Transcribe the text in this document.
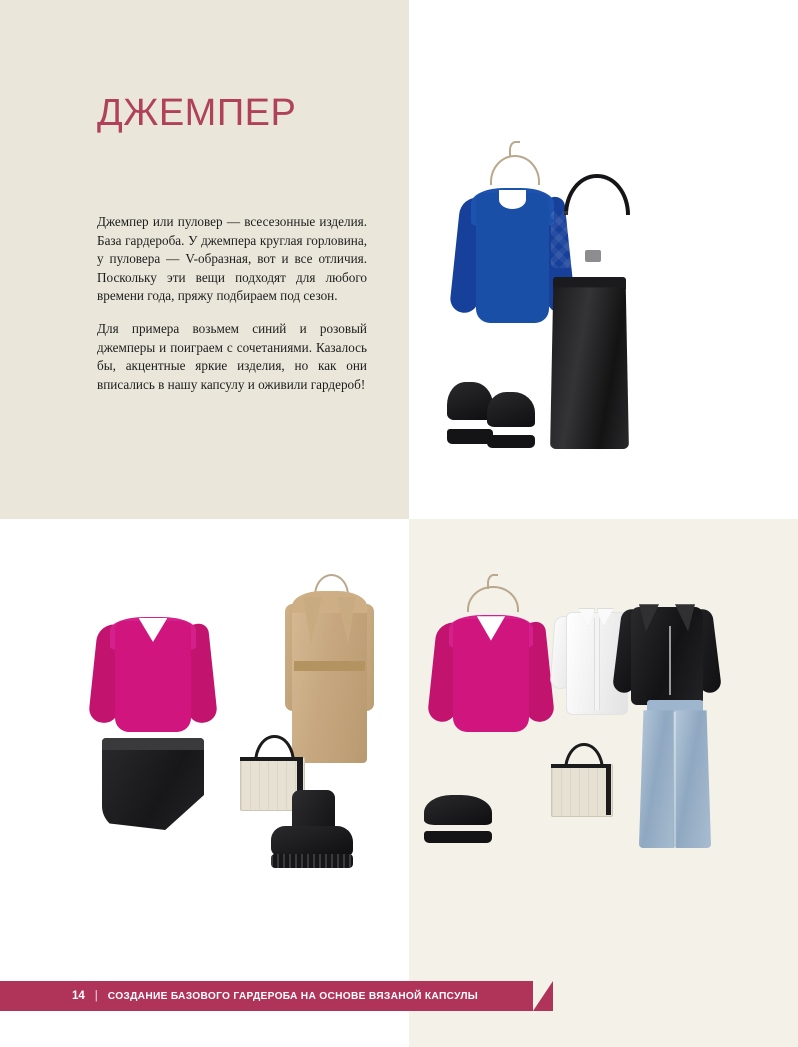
ДЖЕМПЕР

Джемпер или пуловер — всесезонные изделия. База гардероба. У джемпера круглая горловина, у пуловера — V-образная, вот и все отличия. Поскольку эти вещи подходят для любого времени года, пряжу подбираем под сезон.

Для примера возьмем синий и розовый джемперы и поиграем с сочетаниями. Казалось бы, акцентные яркие изделия, но как они вписались в нашу капсулу и оживили гардероб!

14 | СОЗДАНИЕ БАЗОВОГО ГАРДЕРОБА НА ОСНОВЕ ВЯЗАНОЙ КАПСУЛЫ
